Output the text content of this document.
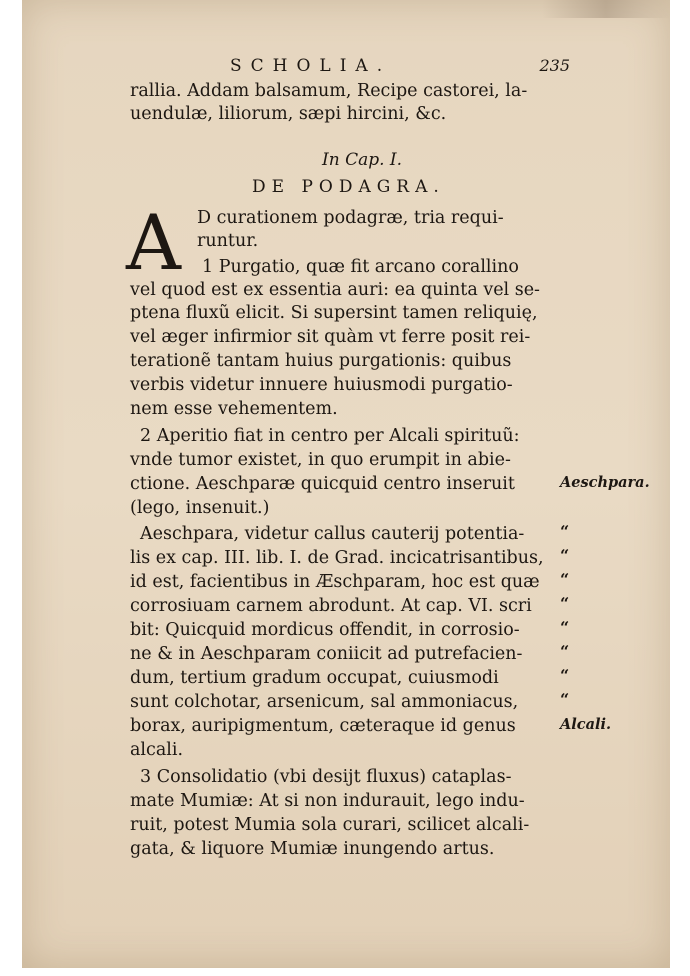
SCHOLIA.	235
rallia. Addam balsamum, Recipe castorei, la-
uendulæ, liliorum, sæpi hircini, &c.
In Cap. I.
DE PODAGRA.
A D curationem podagræ, tria requi-
runtur.
1 Purgatio, quæ fit arcano corallino
vel quod est ex essentia auri: ea quinta vel se-
ptena fluxũ elicit. Si supersint tamen reliquię,
vel æger infirmior sit quàm vt ferre posit rei-
terationẽ tantam huius purgationis: quibus
verbis videtur innuere huiusmodi purgatio-
nem esse vehementem.
2 Aperitio fiat in centro per Alcali spirituũ:
vnde tumor existet, in quo erumpit in abie-
ctione. Aeschparæ quicquid centro inseruit	Aeschpara.
(lego, insenuit.)
Aeschpara, videtur callus cauterij potentia- “
lis ex cap. III. lib. I. de Grad. incicatrisantibus, “
id est, facientibus in Æschparam, hoc est quæ “
corrosiuam carnem abrodunt. At cap. VI. scri “
bit: Quicquid mordicus offendit, in corrosio-	“
ne & in Aeschparam coniicit ad putrefacien- “
dum, tertium gradum occupat, cuiusmodi	“
sunt colchotar, arsenicum, sal ammoniacus,	“
borax, auripigmentum, cæteraque id genus	Alcali.
alcali.
3 Consolidatio (vbi desijt fluxus) cataplas-
mate Mumiæ: At si non indurauit, lego indu-
ruit, potest Mumia sola curari, scilicet alcali-
gata, & liquore Mumiæ inungendo artus.
